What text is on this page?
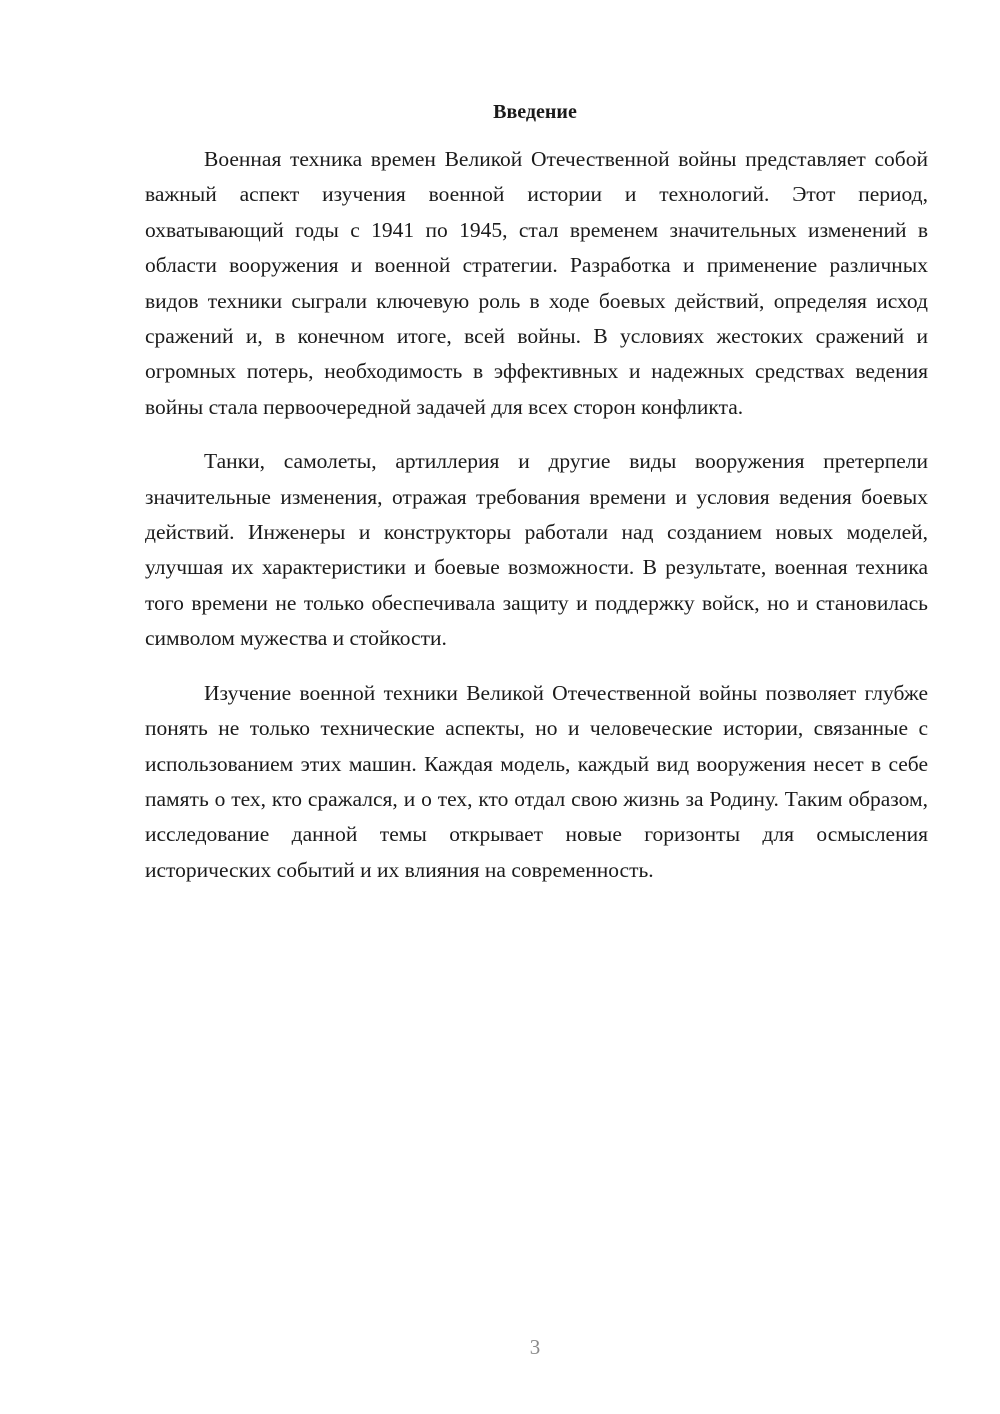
Введение

Военная техника времен Великой Отечественной войны представляет собой важный аспект изучения военной истории и технологий. Этот период, охватывающий годы с 1941 по 1945, стал временем значительных изменений в области вооружения и военной стратегии. Разработка и применение различных видов техники сыграли ключевую роль в ходе боевых действий, определяя исход сражений и, в конечном итоге, всей войны. В условиях жестоких сражений и огромных потерь, необходимость в эффективных и надежных средствах ведения войны стала первоочередной задачей для всех сторон конфликта.

Танки, самолеты, артиллерия и другие виды вооружения претерпели значительные изменения, отражая требования времени и условия ведения боевых действий. Инженеры и конструкторы работали над созданием новых моделей, улучшая их характеристики и боевые возможности. В результате, военная техника того времени не только обеспечивала защиту и поддержку войск, но и становилась символом мужества и стойкости.

Изучение военной техники Великой Отечественной войны позволяет глубже понять не только технические аспекты, но и человеческие истории, связанные с использованием этих машин. Каждая модель, каждый вид вооружения несет в себе память о тех, кто сражался, и о тех, кто отдал свою жизнь за Родину. Таким образом, исследование данной темы открывает новые горизонты для осмысления исторических событий и их влияния на современность.

3
